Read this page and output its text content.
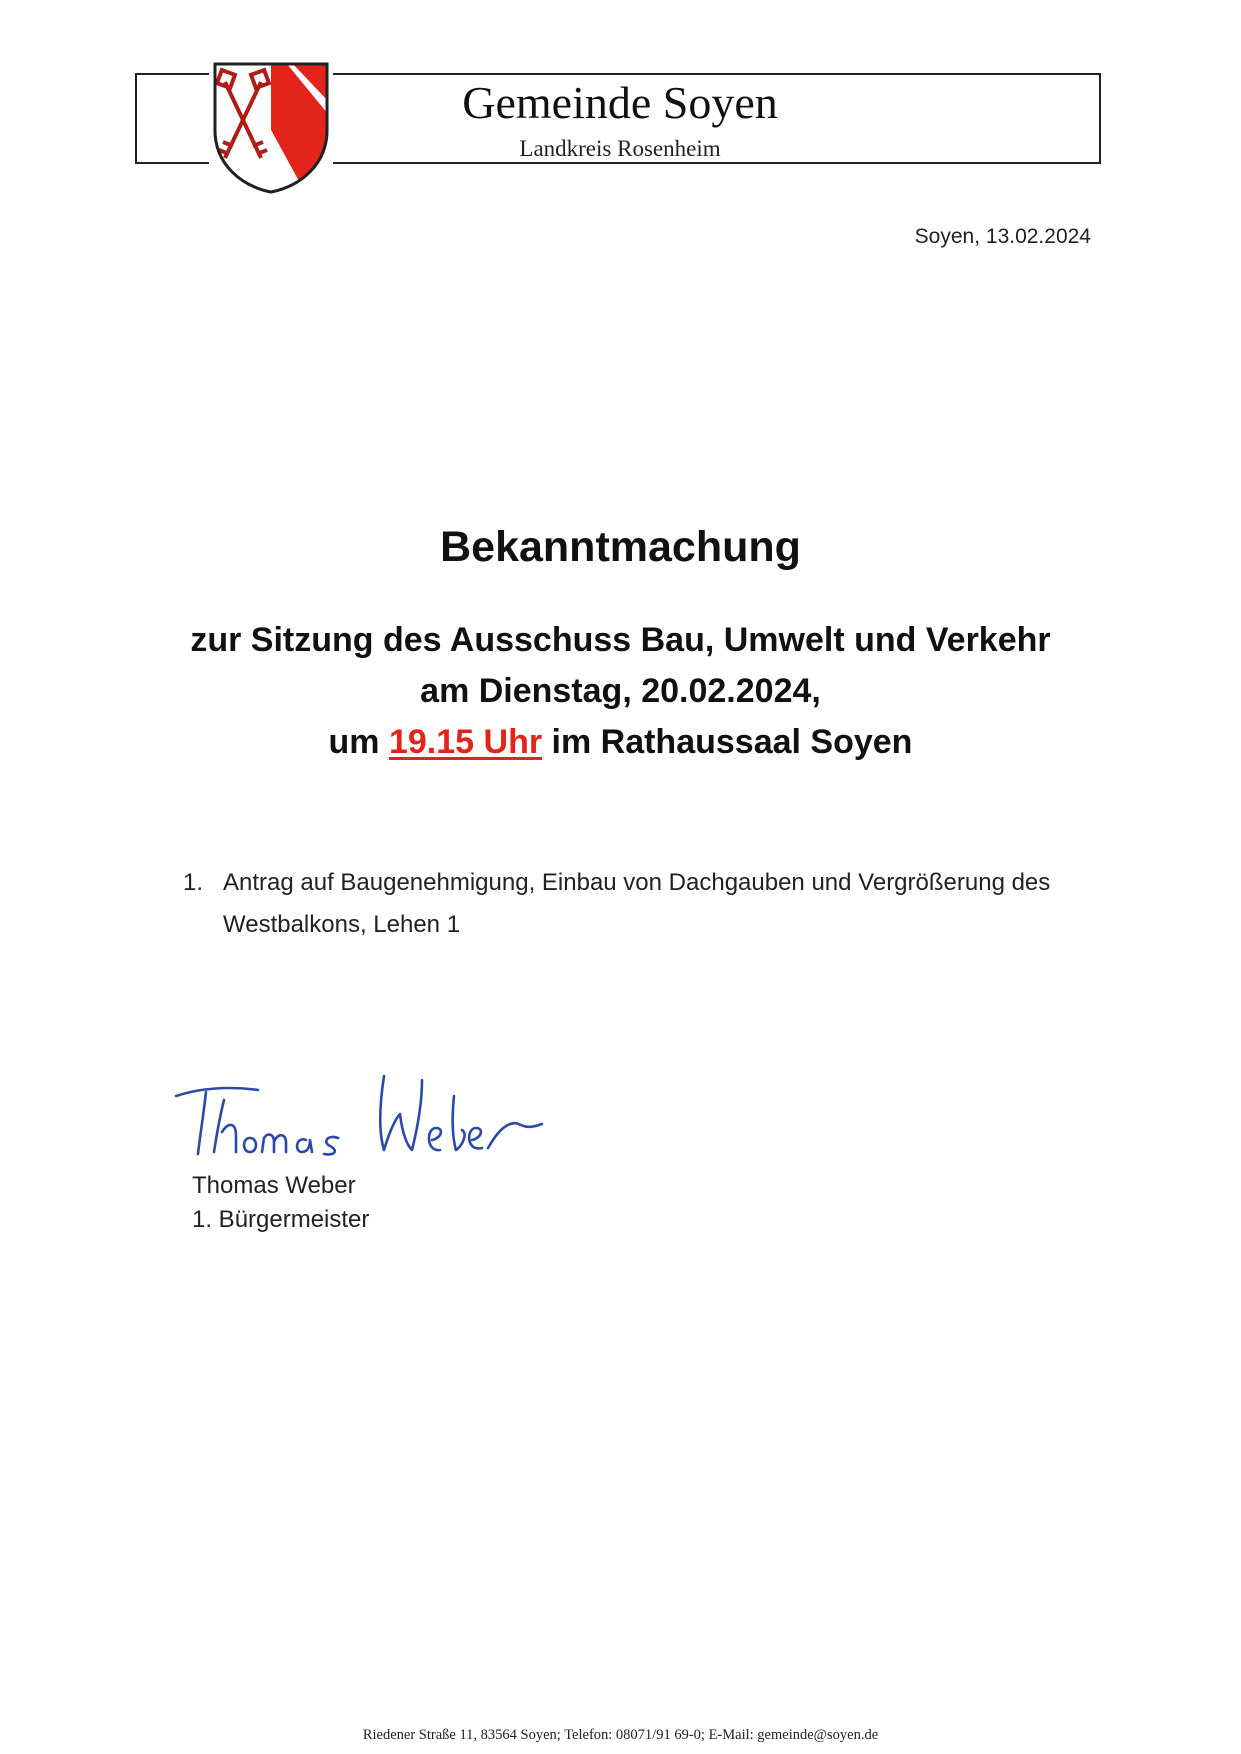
Gemeinde Soyen
Landkreis Rosenheim
Soyen, 13.02.2024
Bekanntmachung
zur Sitzung des Ausschuss Bau, Umwelt und Verkehr
am Dienstag, 20.02.2024,
um 19.15 Uhr im Rathaussaal Soyen
1. Antrag auf Baugenehmigung, Einbau von Dachgauben und Vergrößerung des Westbalkons, Lehen 1
Thomas Weber
1. Bürgermeister
Riedener Straße 11, 83564 Soyen; Telefon: 08071/91 69-0; E-Mail: gemeinde@soyen.de
